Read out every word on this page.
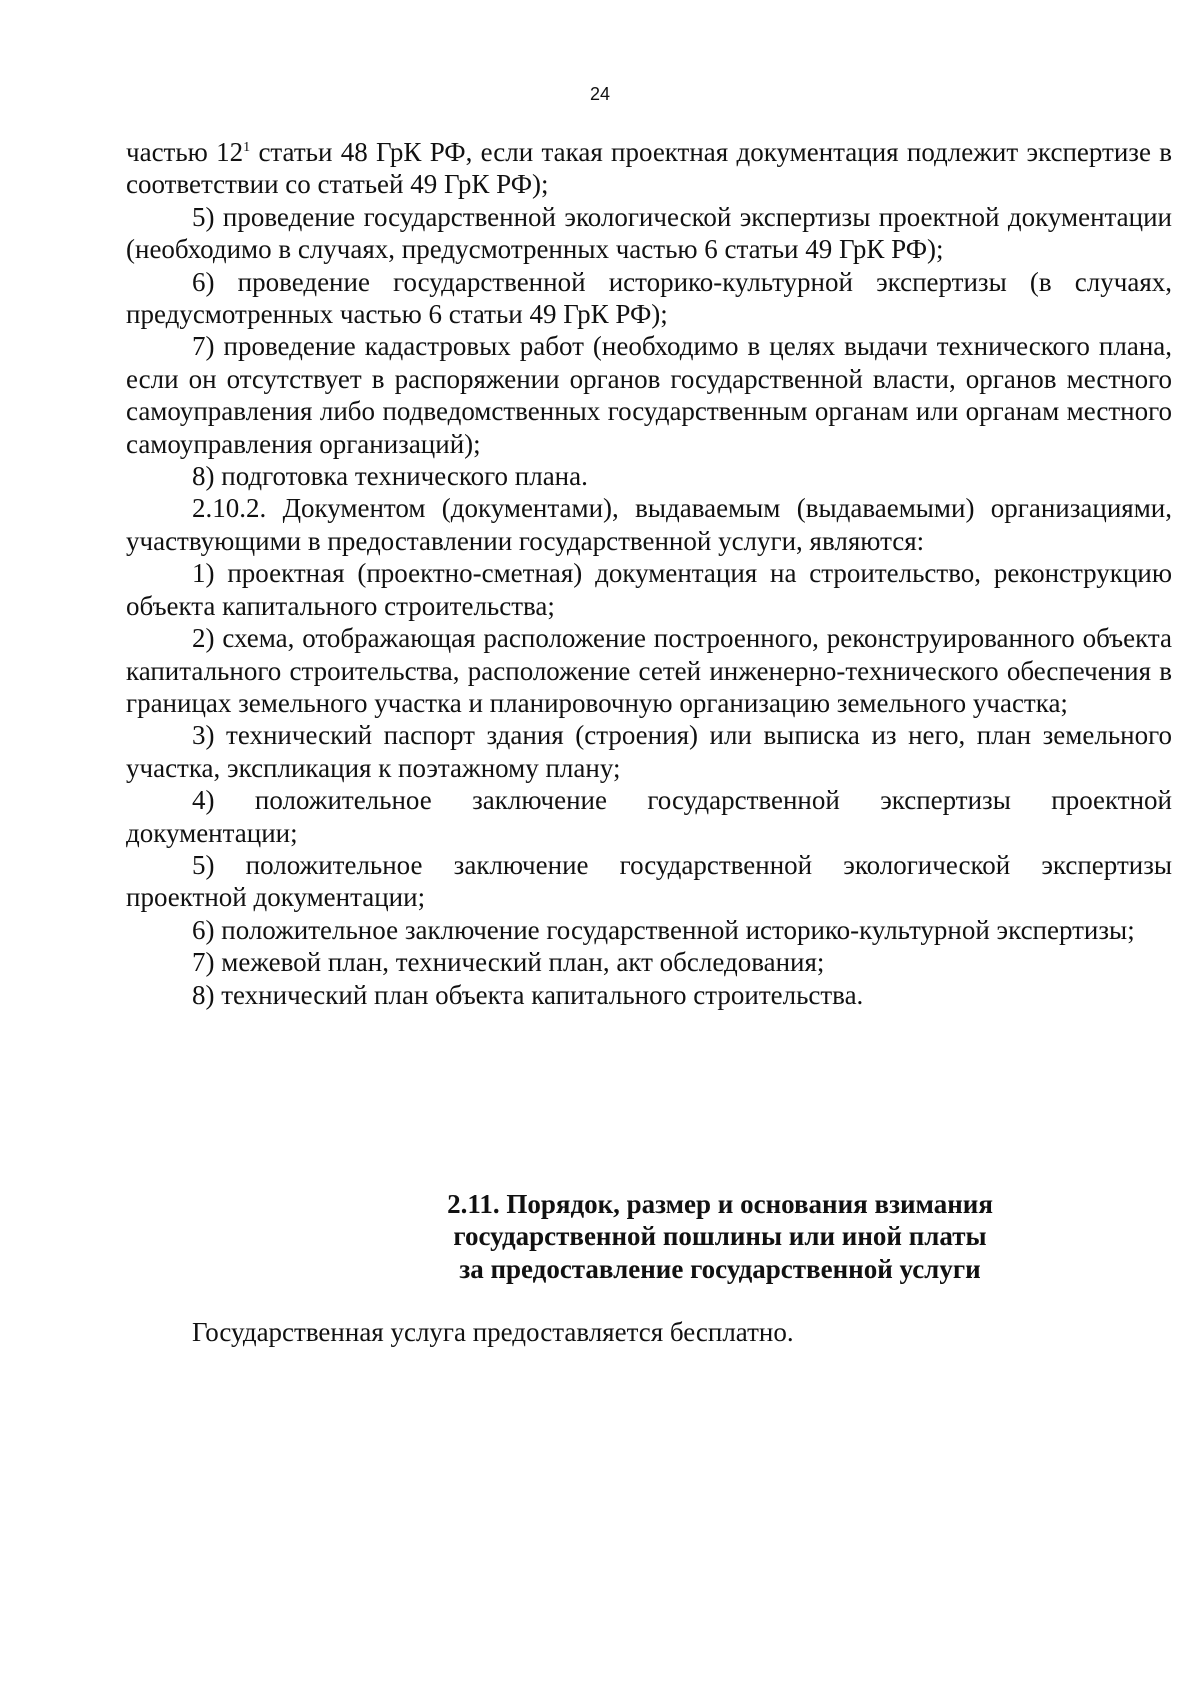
24

частью $12^1$ статьи 48 ГрК РФ, если такая проектная документация подлежит экспертизе в соответствии со статьей 49 ГрК РФ);

5) проведение государственной экологической экспертизы проектной документации (необходимо в случаях, предусмотренных частью 6 статьи 49 ГрК РФ);

6) проведение государственной историко-культурной экспертизы (в случаях, предусмотренных частью 6 статьи 49 ГрК РФ);

7) проведение кадастровых работ (необходимо в целях выдачи технического плана, если он отсутствует в распоряжении органов государственной власти, органов местного самоуправления либо подведомственных государственным органам или органам местного самоуправления организаций);

8) подготовка технического плана.

2.10.2. Документом (документами), выдаваемым (выдаваемыми) организациями, участвующими в предоставлении государственной услуги, являются:

1) проектная (проектно-сметная) документация на строительство, реконструкцию объекта капитального строительства;

2) схема, отображающая расположение построенного, реконструированного объекта капитального строительства, расположение сетей инженерно-технического обеспечения в границах земельного участка и планировочную организацию земельного участка;

3) технический паспорт здания (строения) или выписка из него, план земельного участка, экспликация к поэтажному плану;

4) положительное заключение государственной экспертизы проектной документации;

5) положительное заключение государственной экологической экспертизы проектной документации;

6) положительное заключение государственной историко-культурной экспертизы;

7) межевой план, технический план, акт обследования;

8) технический план объекта капитального строительства.

2.11. Порядок, размер и основания взимания
государственной пошлины или иной платы
за предоставление государственной услуги
Государственная услуга предоставляется бесплатно.
